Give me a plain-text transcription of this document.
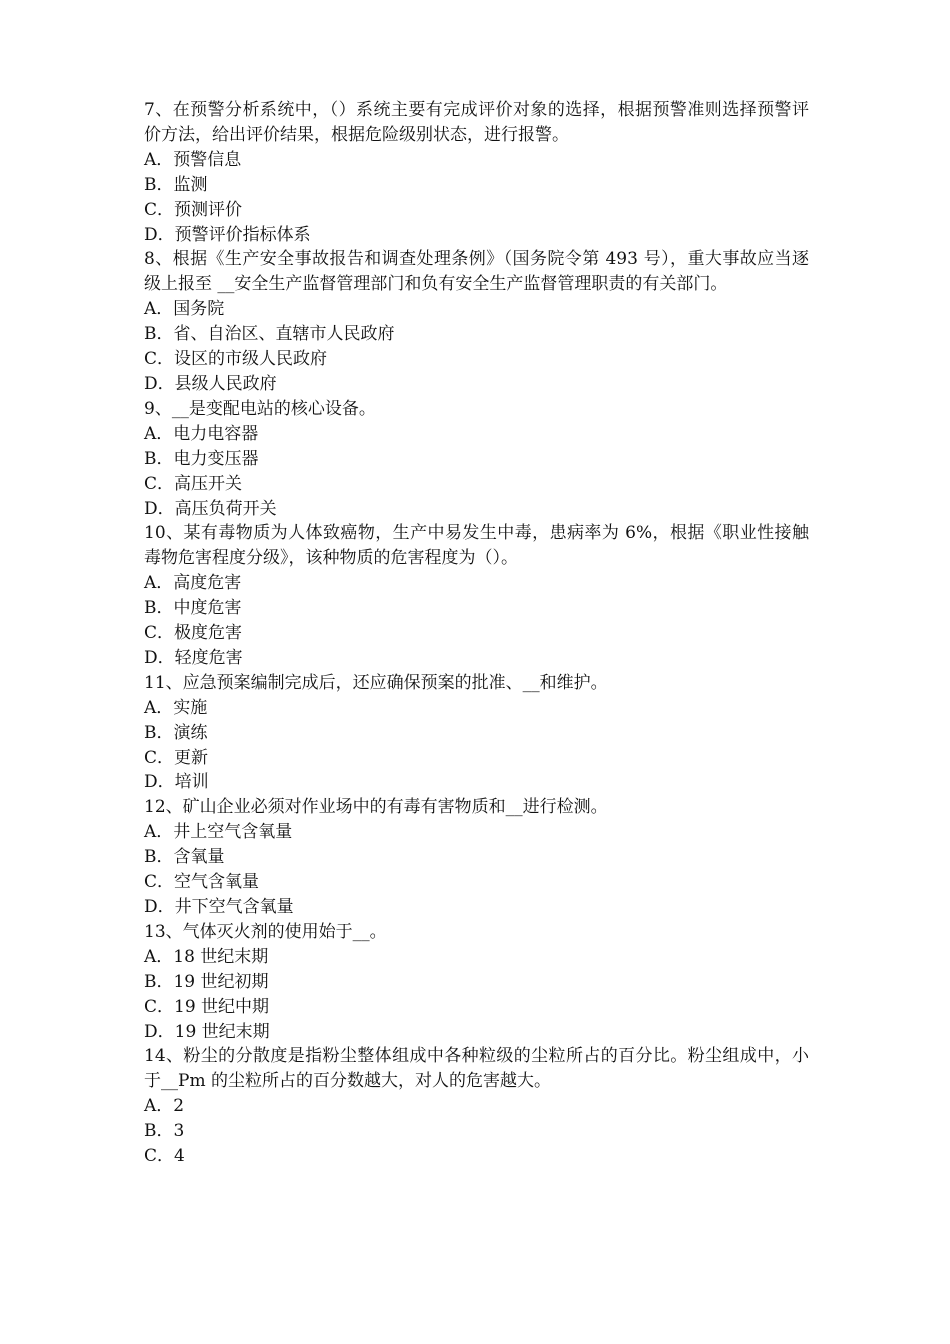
7、在预警分析系统中，（）系统主要有完成评价对象的选择，根据预警准则选择预警评价方法，给出评价结果，根据危险级别状态，进行报警。

A．预警信息

B．监测

C．预测评价

D．预警评价指标体系

8、根据《生产安全事故报告和调查处理条例》（国务院令第 493 号），重大事故应当逐级上报至 __安全生产监督管理部门和负有安全生产监督管理职责的有关部门。

A．国务院

B．省、自治区、直辖市人民政府

C．设区的市级人民政府

D．县级人民政府

9、__是变配电站的核心设备。

A．电力电容器

B．电力变压器

C．高压开关

D．高压负荷开关

10、某有毒物质为人体致癌物，生产中易发生中毒，患病率为 6%，根据《职业性接触毒物危害程度分级》，该种物质的危害程度为（）。

A．高度危害

B．中度危害

C．极度危害

D．轻度危害

11、应急预案编制完成后，还应确保预案的批准、__和维护。

A．实施

B．演练

C．更新

D．培训

12、矿山企业必须对作业场中的有毒有害物质和__进行检测。

A．井上空气含氧量

B．含氧量

C．空气含氧量

D．井下空气含氧量

13、气体灭火剂的使用始于__。

A．18 世纪末期

B．19 世纪初期

C．19 世纪中期

D．19 世纪末期

14、粉尘的分散度是指粉尘整体组成中各种粒级的尘粒所占的百分比。粉尘组成中，小于__Pm 的尘粒所占的百分数越大，对人的危害越大。

A．2

B．3

C．4
